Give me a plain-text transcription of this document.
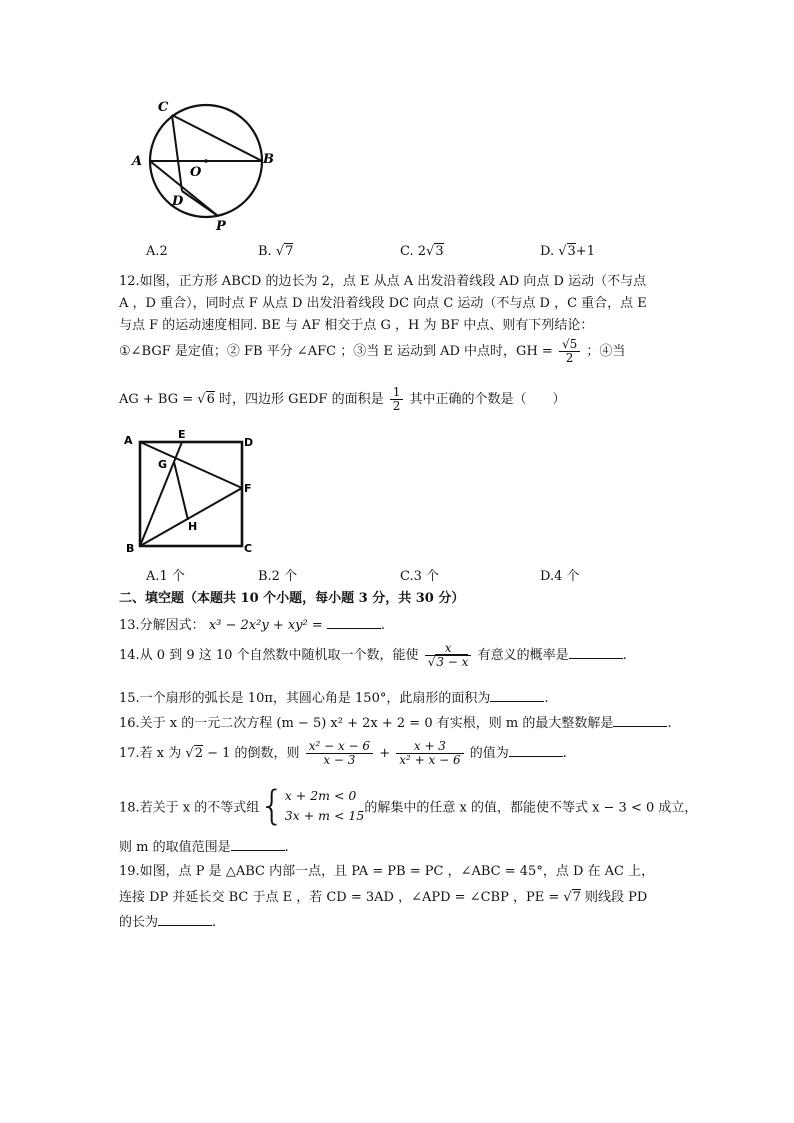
C
A
O
B
D
P
A.2	B. √7	C. 2√3	D. √3+1
12.如图，正方形 ABCD 的边长为 2，点 E 从点 A 出发沿着线段 AD 向点 D 运动（不与点
A ，D 重合），同时点 F 从点 D 出发沿着线段 DC 向点 C 运动（不与点 D ，C 重合，点 E
与点 F 的运动速度相同. BE 与 AF 相交于点 G ，H 为 BF 中点、则有下列结论：
①∠BGF 是定值；② FB 平分 ∠AFC ；③当 E 运动到 AD 中点时，GH = $\frac{√5}{2}$ ；④当
AG + BG = √6 时，四边形 GEDF 的面积是 $\frac{1}{2}$ 其中正确的个数是（　　）
A	E
D
G
F
H
B	C
A.1 个	B.2 个	C.3 个	D.4 个
二、填空题（本题共 10 个小题，每小题 3 分，共 30 分）
13.分解因式： x³ − 2x²y + xy² =	.
14.从 0 到 9 这 10 个自然数中随机取一个数，能使 $\frac{x}{√3 - x}$ 有意义的概率是	.
15.一个扇形的弧长是 10π，其圆心角是 150°，此扇形的面积为	.
16.关于 x 的一元二次方程 (m − 5) x² + 2x + 2 = 0 有实根，则 m 的最大整数解是	.
17.若 x 为 √2 − 1 的倒数，则 $\frac{\text{x² − x − 6}}{x - 3} + \frac{x + 3}{\text{x² + x − 6}}$ 的值为	.
18.若关于 x 的不等式组{x + 2m < 0
3x + m < 15的解集中的任意 x 的值，都能使不等式 x − 3 < 0 成立，
则 m 的取值范围是	.
19.如图，点 P 是 △ABC 内部一点，且 PA = PB = PC ，∠ABC = 45°，点 D 在 AC 上，
连接 DP 并延长交 BC 于点 E ，若 CD = 3AD ，∠APD = ∠CBP ，PE = √7 则线段 PD
的长为	.
